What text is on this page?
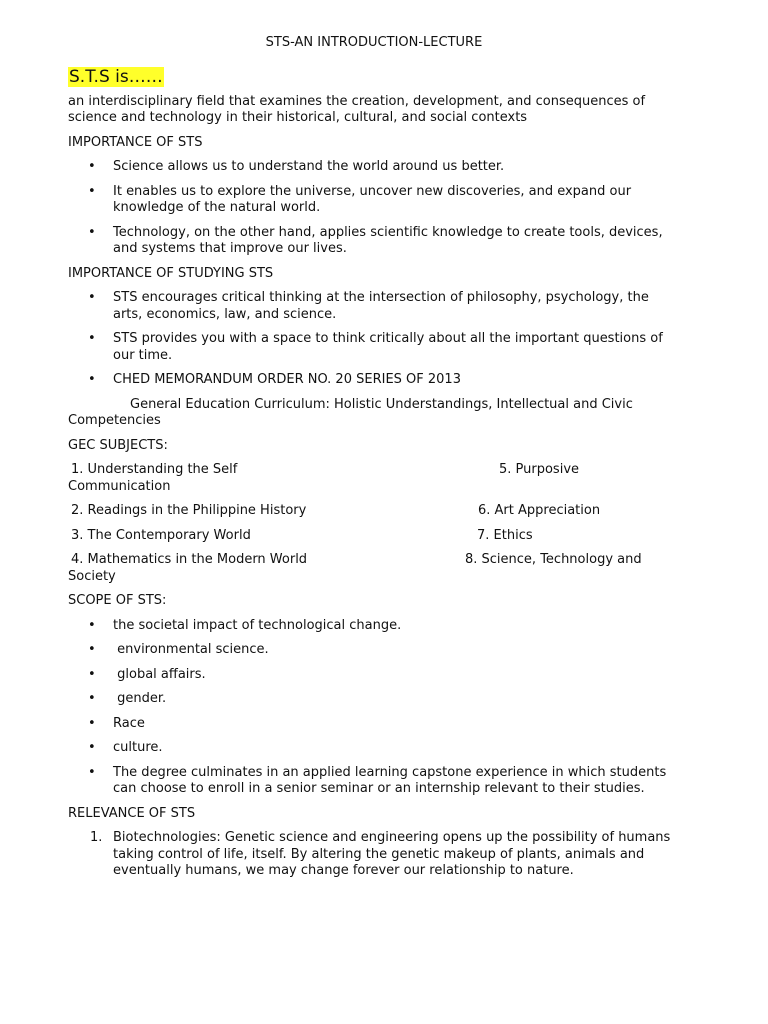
STS-AN INTRODUCTION-LECTURE
S.T.S is……

an interdisciplinary field that examines the creation, development, and consequences of science and technology in their historical, cultural, and social contexts

IMPORTANCE OF STS

• Science allows us to understand the world around us better.
• It enables us to explore the universe, uncover new discoveries, and expand our knowledge of the natural world.
• Technology, on the other hand, applies scientific knowledge to create tools, devices, and systems that improve our lives.

IMPORTANCE OF STUDYING STS

• STS encourages critical thinking at the intersection of philosophy, psychology, the arts, economics, law, and science.
• STS provides you with a space to think critically about all the important questions of our time.
• CHED MEMORANDUM ORDER NO. 20 SERIES OF 2013

General Education Curriculum: Holistic Understandings, Intellectual and Civic Competencies

GEC SUBJECTS:

1. Understanding the Self	5. Purposive
Communication
2. Readings in the Philippine History	6. Art Appreciation
3. The Contemporary World	7. Ethics
4. Mathematics in the Modern World	8. Science, Technology and
Society

SCOPE OF STS:

• the societal impact of technological change.
•  environmental science.
•  global affairs.
•  gender.
• Race
• culture.
• The degree culminates in an applied learning capstone experience in which students can choose to enroll in a senior seminar or an internship relevant to their studies.

RELEVANCE OF STS

1. Biotechnologies: Genetic science and engineering opens up the possibility of humans taking control of life, itself. By altering the genetic makeup of plants, animals and eventually humans, we may change forever our relationship to nature.
